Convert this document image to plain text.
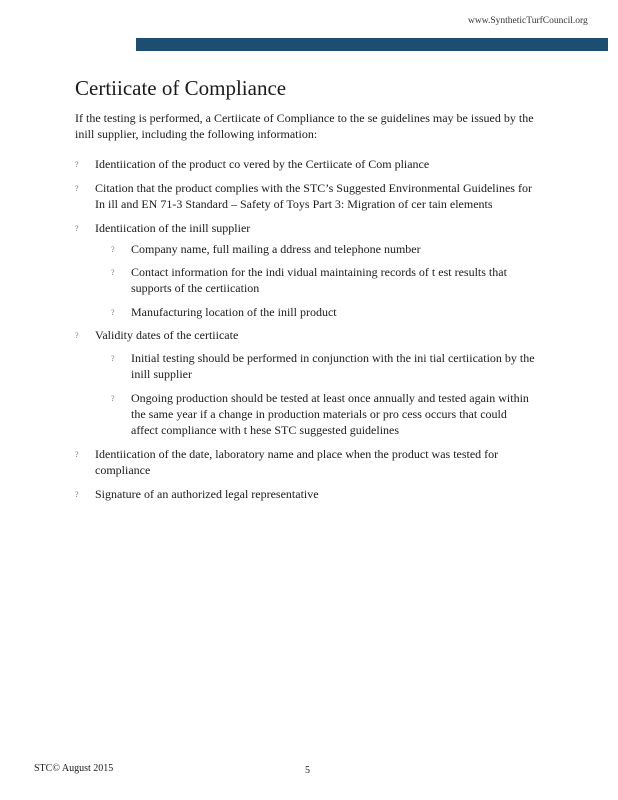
www.SyntheticTurfCouncil.org
Certiicate of Compliance

If the testing is performed, a Certiicate of Compliance to the se guidelines may be issued by the inill supplier, including the following information:

?	Identiication of the product co vered by the Certiicate of Com pliance
?	Citation that the product complies with the STC’s Suggested Environmental Guidelines for In ill and EN 71-3 Standard – Safety of Toys Part 3: Migration of cer tain elements
?	Identiication of the inill supplier
?	Company name, full mailing a ddress and telephone number
?	Contact information for the indi vidual maintaining records of t est results that supports of the certiication
?	Manufacturing location of the inill product
?	Validity dates of the certiicate
?	Initial testing should be performed in conjunction with the ini tial certiication by the inill supplier
?	Ongoing production should be tested at least once annually and tested again within the same year if a change in production materials or pro cess occurs that could affect compliance with t hese STC suggested guidelines
?	Identiication of the date, laboratory name and place when the product was tested for compliance
?	Signature of an authorized legal representative
STC© August 2015	5
